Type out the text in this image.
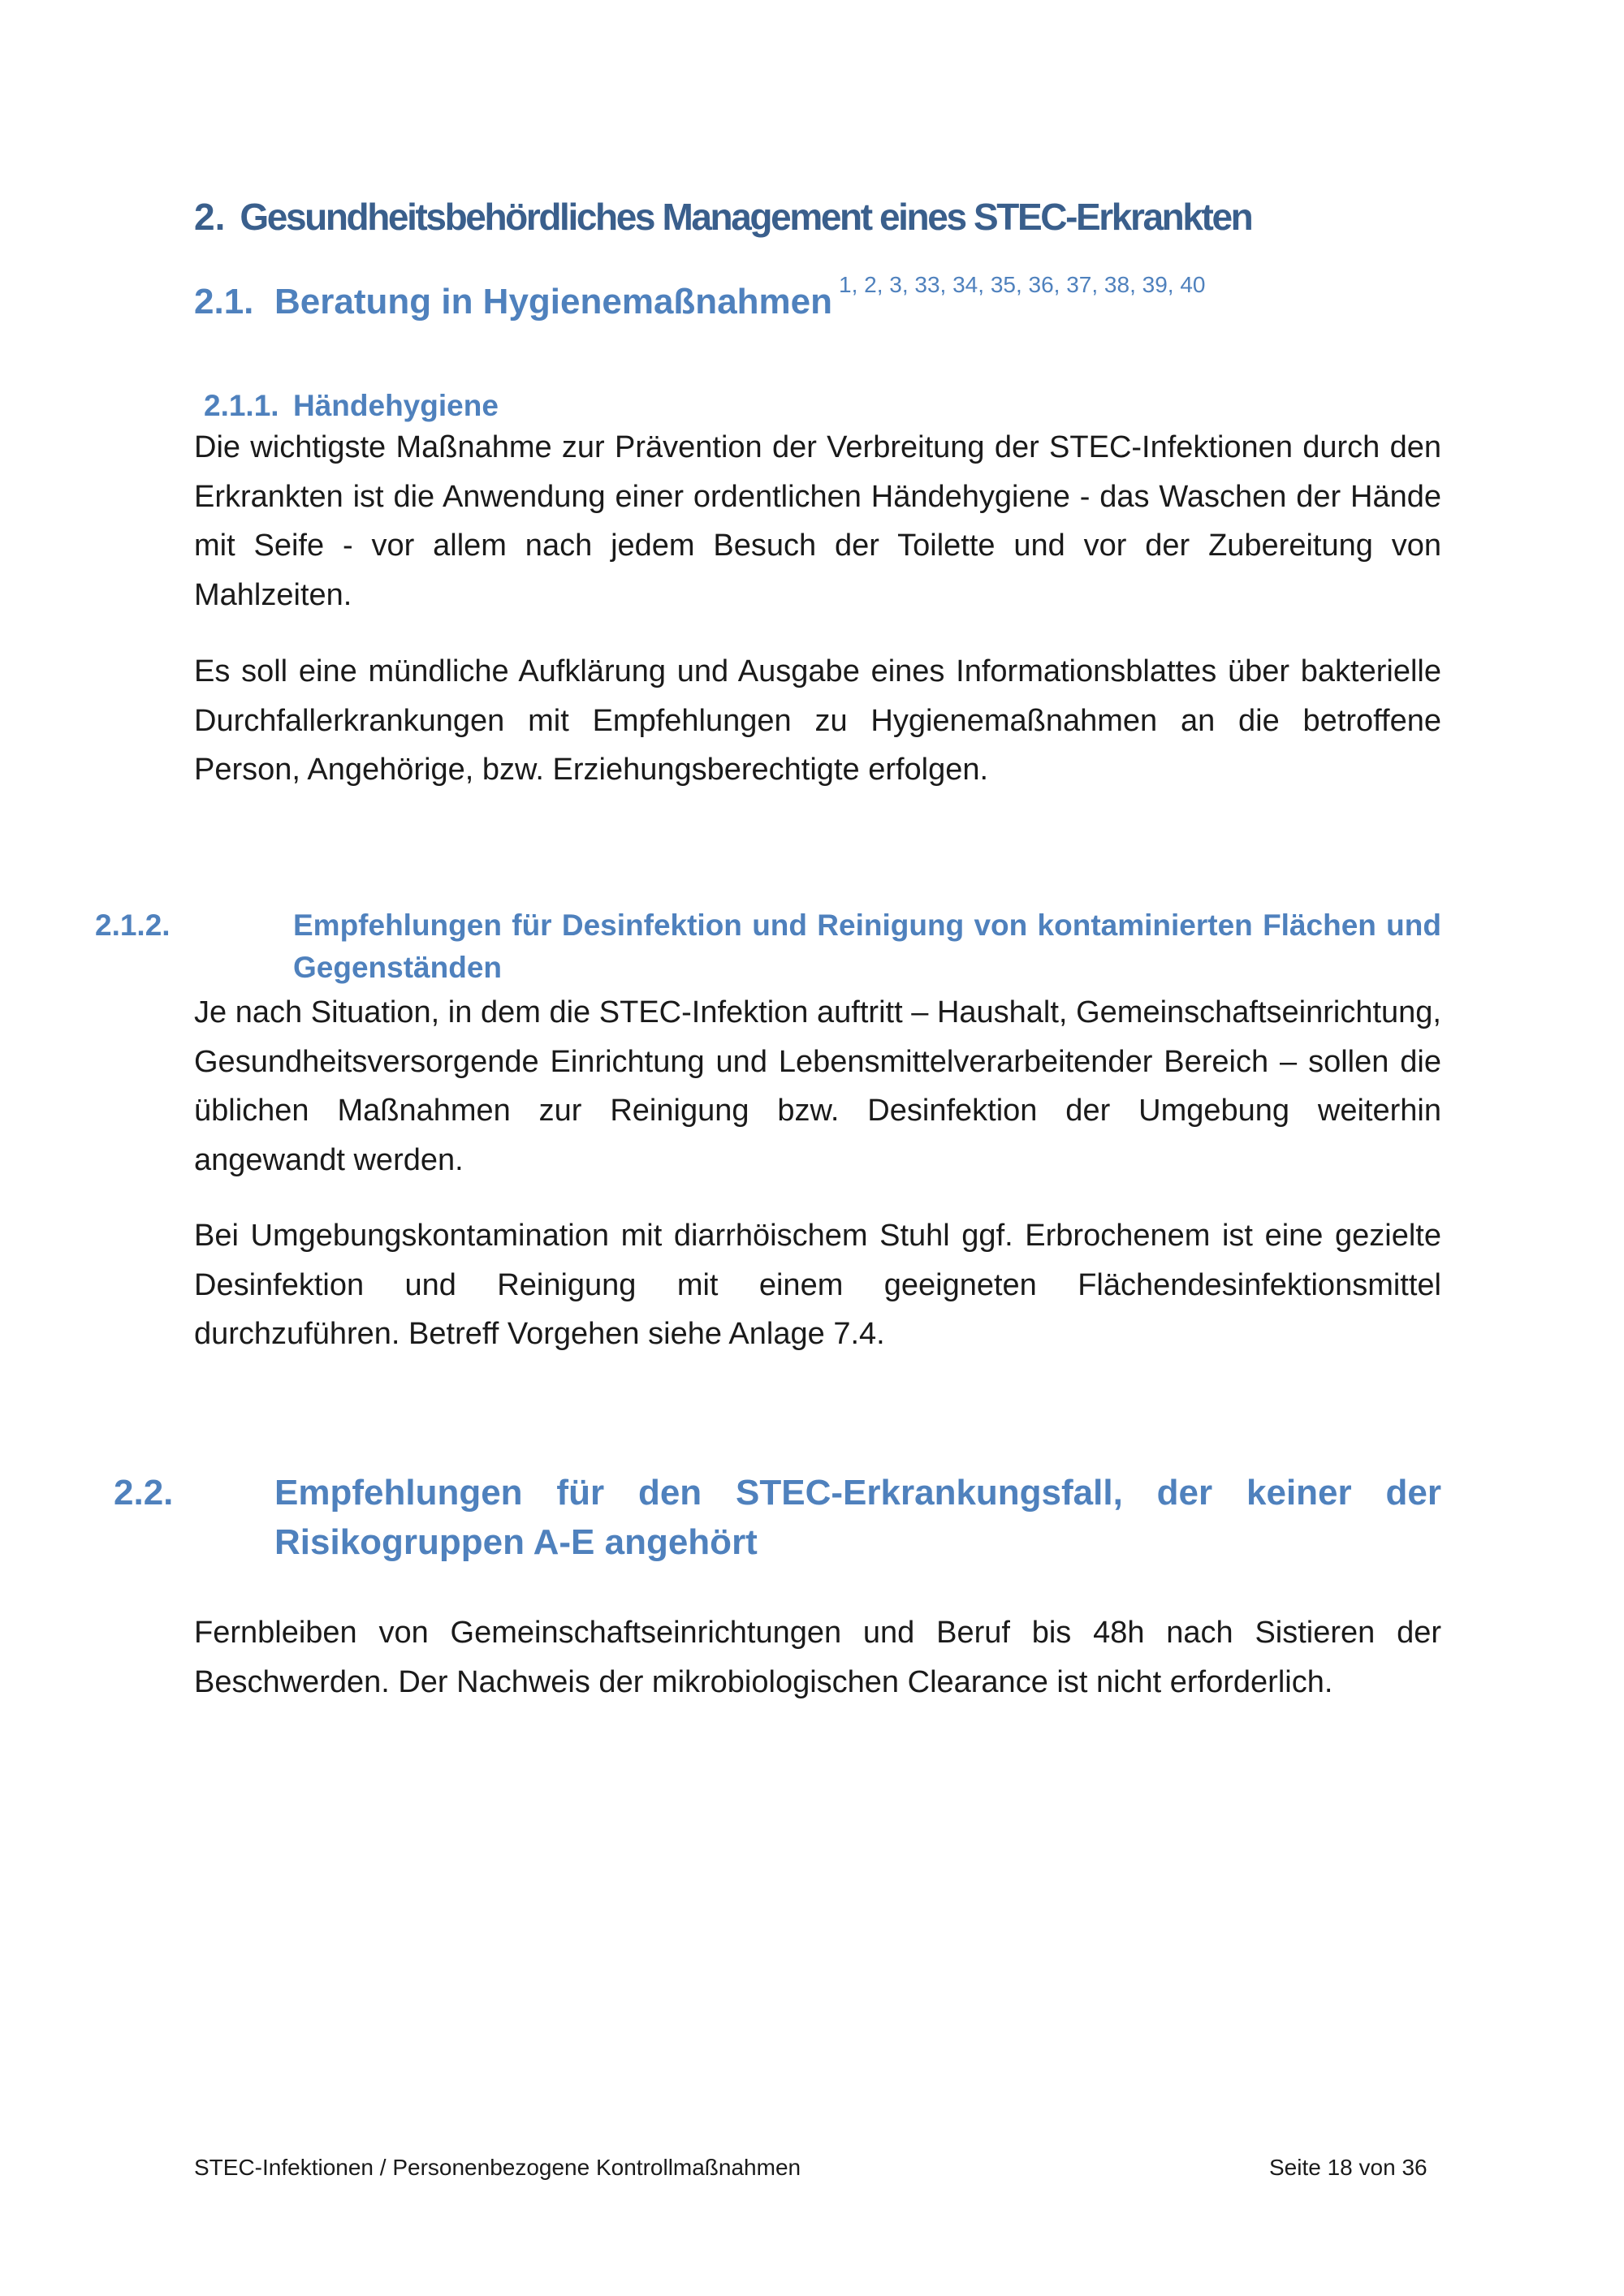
2. Gesundheitsbehördliches Management eines STEC-Erkrankten
2.1. Beratung in Hygienemaßnahmen $^{1, 2, 3, 33, 34, 35, 36, 37, 38, 39, 40}$
2.1.1. Händehygiene

Die wichtigste Maßnahme zur Prävention der Verbreitung der STEC-Infektionen durch den Erkrankten ist die Anwendung einer ordentlichen Händehygiene - das Waschen der Hände mit Seife - vor allem nach jedem Besuch der Toilette und vor der Zubereitung von Mahlzeiten.

Es soll eine mündliche Aufklärung und Ausgabe eines Informationsblattes über bakterielle Durchfallerkrankungen mit Empfehlungen zu Hygienemaßnahmen an die betroffene Person, Angehörige, bzw. Erziehungsberechtigte erfolgen.

2.1.2.	Empfehlungen für Desinfektion und Reinigung von kontaminierten Flächen und Gegenständen

Je nach Situation, in dem die STEC-Infektion auftritt – Haushalt, Gemeinschaftseinrichtung, Gesundheitsversorgende Einrichtung und Lebensmittelverarbeitender Bereich – sollen die üblichen Maßnahmen zur Reinigung bzw. Desinfektion der Umgebung weiterhin angewandt werden.

Bei Umgebungskontamination mit diarrhöischem Stuhl ggf. Erbrochenem ist eine gezielte Desinfektion und Reinigung mit einem geeigneten Flächendesinfektionsmittel durchzuführen. Betreff Vorgehen siehe Anlage 7.4.

2.2.	Empfehlungen für den STEC-Erkrankungsfall, der keiner der Risikogruppen A-E angehört

Fernbleiben von Gemeinschaftseinrichtungen und Beruf bis 48h nach Sistieren der Beschwerden. Der Nachweis der mikrobiologischen Clearance ist nicht erforderlich.

STEC-Infektionen / Personenbezogene Kontrollmaßnahmen	Seite 18 von 36
